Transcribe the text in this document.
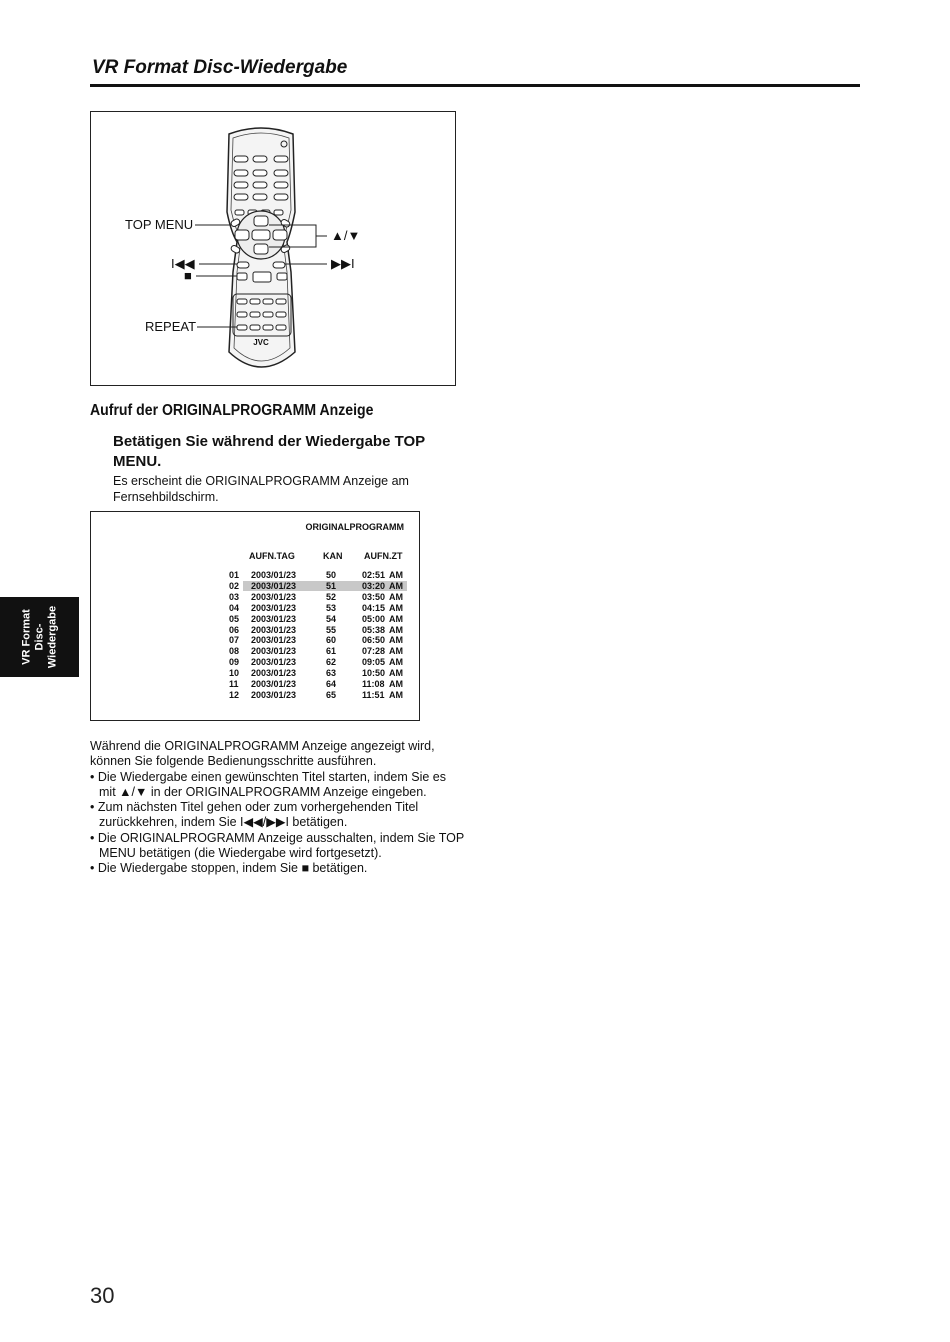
VR Format Disc-Wiedergabe
JVC
TOP MENU
▲/▼
I◀◀	▶▶I
■
REPEAT
Aufruf der ORIGINALPROGRAMM Anzeige
Betätigen Sie während der Wiedergabe TOP MENU.
Es erscheint die ORIGINALPROGRAMM Anzeige am Fernsehbildschirm.
ORIGINALPROGRAMM
AUFN.TAG	KAN AUFN.ZT
01 2003/01/23	50	02:51 AM
02 2003/01/23	51	03:20 AM
03 2003/01/23	52	03:50 AM
04 2003/01/23	53	04:15 AM
05 2003/01/23	54	05:00 AM
06 2003/01/23	55	05:38 AM
07 2003/01/23	60	06:50 AM
08 2003/01/23	61	07:28 AM
09 2003/01/23	62	09:05 AM
10 2003/01/23	63	10:50 AM
11 2003/01/23	64	11:08 AM
12 2003/01/23	65	11:51 AM
VR Format Disc- Wiedergabe

Während die ORIGINALPROGRAMM Anzeige angezeigt wird, können Sie folgende Bedienungsschritte ausführen.

• Die Wiedergabe einen gewünschten Titel starten, indem Sie es mit ▲/▼ in der ORIGINALPROGRAMM Anzeige eingeben.
• Zum nächsten Titel gehen oder zum vorhergehenden Titel zurückkehren, indem Sie I◀◀/▶▶I betätigen.
• Die ORIGINALPROGRAMM Anzeige ausschalten, indem Sie TOP MENU betätigen (die Wiedergabe wird fortgesetzt).
• Die Wiedergabe stoppen, indem Sie ■ betätigen.
30
